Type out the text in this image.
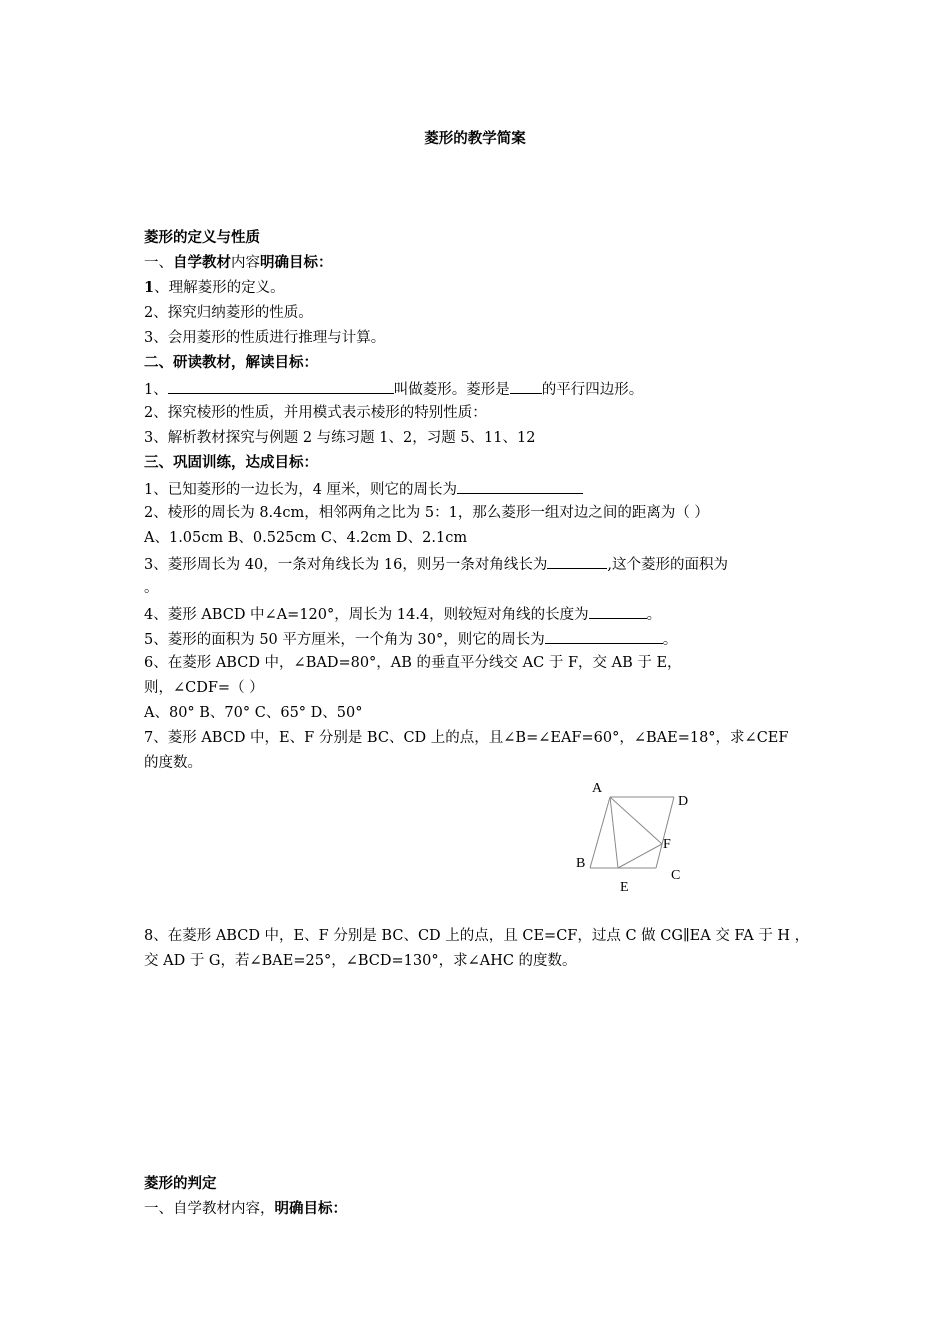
菱形的教学简案
菱形的定义与性质
一、自学教材内容明确目标：
1、理解菱形的定义。
2、探究归纳菱形的性质。
3、会用菱形的性质进行推理与计算。
二、研读教材，解读目标：
1、	叫做菱形。菱形是 的平行四边形。
2、探究棱形的性质，并用模式表示棱形的特别性质：
3、解析教材探究与例题 2 与练习题 1、2，习题 5、11、12
三、巩固训练，达成目标：
1、已知菱形的一边长为，4 厘米，则它的周长为
2、棱形的周长为 8.4cm，相邻两角之比为 5：1，那么菱形一组对边之间的距离为（ ）
A、1.05cm B、0.525cm C、4.2cm D、2.1cm
3、菱形周长为 40，一条对角线长为 16，则另一条对角线长为	,这个菱形的面积为
。
4、菱形 ABCD 中∠A=120°，周长为 14.4，则较短对角线的长度为	。
5、菱形的面积为 50 平方厘米，一个角为 30°，则它的周长为	。
6、在菱形 ABCD 中，∠BAD=80°，AB 的垂直平分线交 AC 于 F，交 AB 于 E，
则，∠CDF=（ ）
A、80° B、70° C、65° D、50°
7、菱形 ABCD 中，E、F 分别是 BC、CD 上的点，且∠B=∠EAF=60°，∠BAE=18°，求∠CEF
的度数。
A
D
F
B
C
E
8、在菱形 ABCD 中，E、F 分别是 BC、CD 上的点，且 CE=CF，过点 C 做 CG∥EA 交 FA 于 H ，
交 AD 于 G，若∠BAE=25°，∠BCD=130°，求∠AHC 的度数。
菱形的判定
一、自学教材内容，明确目标：
